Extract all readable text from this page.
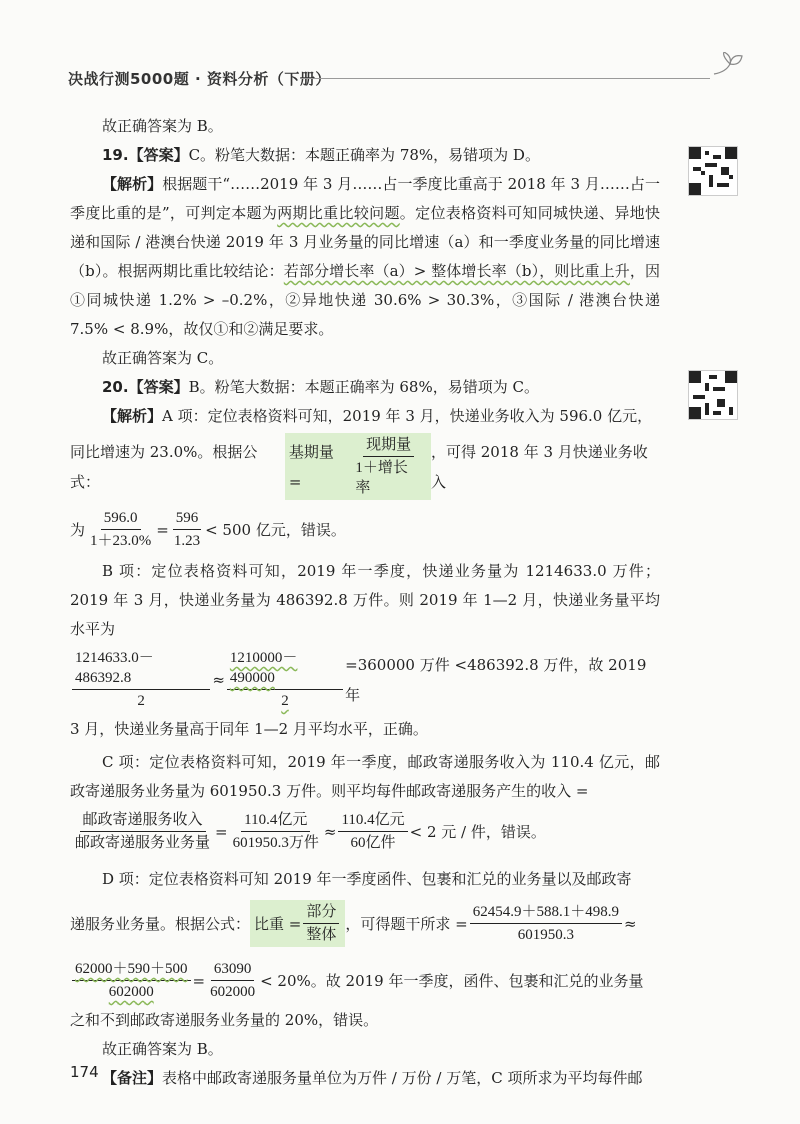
决战行测5000题 · 资料分析（下册）

故正确答案为 B。

19.【答案】C。粉笔大数据：本题正确率为 78%，易错项为 D。

【解析】根据题干“……2019 年 3 月……占一季度比重高于 2018 年 3 月……占一季度比重的是”，可判定本题为两期比重比较问题。定位表格资料可知同城快递、异地快递和国际 / 港澳台快递 2019 年 3 月业务量的同比增速（a）和一季度业务量的同比增速（b）。根据两期比重比较结论：若部分增长率（a）> 整体增长率（b），则比重上升，因①同城快递 1.2% > –0.2%，②异地快递 30.6% > 30.3%，③国际 / 港澳台快递 7.5% < 8.9%，故仅①和②满足要求。

故正确答案为 C。

20.【答案】B。粉笔大数据：本题正确率为 68%，易错项为 C。

【解析】A 项：定位表格资料可知，2019 年 3 月，快递业务收入为 596.0 亿元，

同比增速为 23.0%。根据公式：
基期量 =	$\frac{\text{现期量}}{\text{1＋增长率}}$ ，可得 2018 年 3 月快递业务收入
为 $\frac{596.0}{1+23.0\%} = \frac{596}{1.23} < 500$ 亿元，错误。

B 项：定位表格资料可知，2019 年一季度，快递业务量为 1214633.0 万件；2019 年 3 月，快递业务量为 486392.8 万件。则 2019 年 1—2 月，快递业务量平均水平为

$\frac{1214633.0-486392.8}{2} \approx \frac{1210000-490000}{2} =360000$ 万件 <486392.8 万件，故 2019 年

3 月，快递业务量高于同年 1—2 月平均水平，正确。

C 项：定位表格资料可知，2019 年一季度，邮政寄递服务收入为 110.4 亿元，邮政寄递服务业务量为 601950.3 万件。则平均每件邮政寄递服务产生的收入 =

$\frac{\text{邮政寄递服务收入}}{\text{邮政寄递服务业务量}} = \frac{\text{110.4亿元}}{\text{601950.3万件}} \approx \frac{\text{110.4亿元}}{\text{60亿件}} < 2$ 元 / 件，错误。

D 项：定位表格资料可知 2019 年一季度函件、包裹和汇兑的业务量以及邮政寄

递服务业务量。根据公式： 比重 = $\frac{\text{部分}}{\text{整体}}$ ，可得题干所求 = $\frac{62454.9+588.1+498.9}{601950.3}$ ≈
$\frac{62000+590+500}{602000} = \frac{63090}{602000} < 20\%$。故 2019 年一季度，函件、包裹和汇兑的业务量

之和不到邮政寄递服务业务量的 20%，错误。

故正确答案为 B。

【备注】表格中邮政寄递服务量单位为万件 / 万份 / 万笔，C 项所求为平均每件邮

174
